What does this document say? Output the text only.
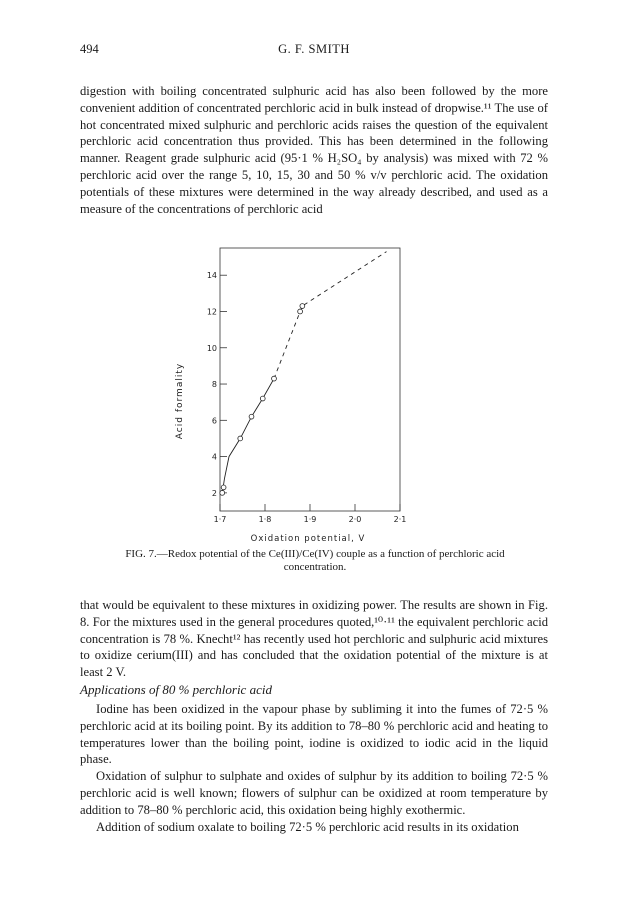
494	G. F. SMITH

digestion with boiling concentrated sulphuric acid has also been followed by the more convenient addition of concentrated perchloric acid in bulk instead of dropwise.¹¹ The use of hot concentrated mixed sulphuric and perchloric acids raises the question of the equivalent perchloric acid concentration thus provided. This has been determined in the following manner. Reagent grade sulphuric acid (95·1 % H₂SO₄ by analysis) was mixed with 72 % perchloric acid over the range 5, 10, 15, 30 and 50 % v/v perchloric acid. The oxidation potentials of these mixtures were determined in the way already described, and used as a measure of the concentrations of perchloric acid

1·7	1·8	1·9	2·0	2·1
2
4
6
8
10
12
14
Acid formality
Oxidation potential, V
FIG. 7.—Redox potential of the Ce(III)/Ce(IV) couple as a function of perchloric acid concentration.

that would be equivalent to these mixtures in oxidizing power. The results are shown in Fig. 8. For the mixtures used in the general procedures quoted,¹⁰·¹¹ the equivalent perchloric acid concentration is 78 %. Knecht¹² has recently used hot perchloric and sulphuric acid mixtures to oxidize cerium(III) and has concluded that the oxidation potential of the mixture is at least 2 V.

Applications of 80 % perchloric acid

Iodine has been oxidized in the vapour phase by subliming it into the fumes of 72·5 % perchloric acid at its boiling point. By its addition to 78–80 % perchloric acid and heating to temperatures lower than the boiling point, iodine is oxidized to iodic acid in the liquid phase.

Oxidation of sulphur to sulphate and oxides of sulphur by its addition to boiling 72·5 % perchloric acid is well known; flowers of sulphur can be oxidized at room temperature by addition to 78–80 % perchloric acid, this oxidation being highly exothermic.

Addition of sodium oxalate to boiling 72·5 % perchloric acid results in its oxidation
